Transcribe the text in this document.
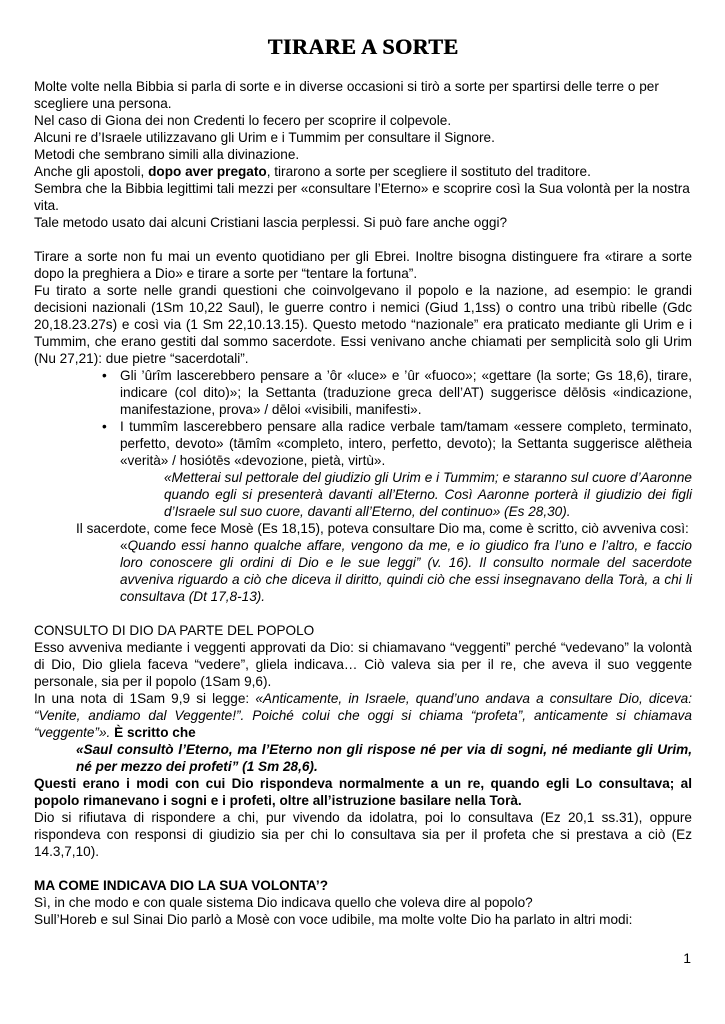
TIRARE A SORTE

Molte volte nella Bibbia si parla di sorte e in diverse occasioni si tirò a sorte per spartirsi delle terre o per scegliere una persona.

Nel caso di Giona dei non Credenti lo fecero per scoprire il colpevole.

Alcuni re d’Israele utilizzavano gli Urim e i Tummim per consultare il Signore.

Metodi che sembrano simili alla divinazione.

Anche gli apostoli, dopo aver pregato, tirarono a sorte per scegliere il sostituto del traditore.

Sembra che la Bibbia legittimi tali mezzi per «consultare l’Eterno» e scoprire così la Sua volontà per la nostra vita.

Tale metodo usato dai alcuni Cristiani lascia perplessi. Si può fare anche oggi?

Tirare a sorte non fu mai un evento quotidiano per gli Ebrei. Inoltre bisogna distinguere fra «tirare a sorte dopo la preghiera a Dio» e tirare a sorte per “tentare la fortuna”.

Fu tirato a sorte nelle grandi questioni che coinvolgevano il popolo e la nazione, ad esempio: le grandi decisioni nazionali (1Sm 10,22 Saul), le guerre contro i nemici (Giud 1,1ss) o contro una tribù ribelle (Gdc 20,18.23.27s) e così via (1 Sm 22,10.13.15). Questo metodo “nazionale” era praticato mediante gli Urim e i Tummim, che erano gestiti dal sommo sacerdote. Essi venivano anche chiamati per semplicità solo gli Urim (Nu 27,21): due pietre “sacerdotali”.

• Gli ’ûrîm lascerebbero pensare a ’ôr «luce» e ’ûr «fuoco»; «gettare (la sorte; Gs 18,6), tirare, indicare (col dito)»; la Settanta (traduzione greca dell’AT) suggerisce dēlōsis «indicazione, manifestazione, prova» / dēloi «visibili, manifesti».
• I tummîm lascerebbero pensare alla radice verbale tam/tamam «essere completo, terminato, perfetto, devoto» (tāmîm «completo, intero, perfetto, devoto); la Settanta suggerisce alētheia «verità» / hosiótēs «devozione, pietà, virtù».

«Metterai sul pettorale del giudizio gli Urim e i Tummim; e staranno sul cuore d’Aaronne quando egli si presenterà davanti all’Eterno. Così Aaronne porterà il giudizio dei figli d’Israele sul suo cuore, davanti all’Eterno, del continuo» (Es 28,30).

Il sacerdote, come fece Mosè (Es 18,15), poteva consultare Dio ma, come è scritto, ciò avveniva così:

«Quando essi hanno qualche affare, vengono da me, e io giudico fra l’uno e l’altro, e faccio loro conoscere gli ordini di Dio e le sue leggi” (v. 16). Il consulto normale del sacerdote avveniva riguardo a ciò che diceva il diritto, quindi ciò che essi insegnavano della Torà, a chi li consultava (Dt 17,8-13).

CONSULTO DI DIO DA PARTE DEL POPOLO

Esso avveniva mediante i veggenti approvati da Dio: si chiamavano “veggenti” perché “vedevano” la volontà di Dio, Dio gliela faceva “vedere”, gliela indicava… Ciò valeva sia per il re, che aveva il suo veggente personale, sia per il popolo (1Sam 9,6).

In una nota di 1Sam 9,9 si legge: «Anticamente, in Israele, quand’uno andava a consultare Dio, diceva: “Venite, andiamo dal Veggente!”. Poiché colui che oggi si chiama “profeta”, anticamente si chiamava “veggente”». È scritto che

«Saul consultò l’Eterno, ma l’Eterno non gli rispose né per via di sogni, né mediante gli Urim, né per mezzo dei profeti” (1 Sm 28,6).

Questi erano i modi con cui Dio rispondeva normalmente a un re, quando egli Lo consultava; al popolo rimanevano i sogni e i profeti, oltre all’istruzione basilare nella Torà.

Dio si rifiutava di rispondere a chi, pur vivendo da idolatra, poi lo consultava (Ez 20,1 ss.31), oppure rispondeva con responsi di giudizio sia per chi lo consultava sia per il profeta che si prestava a ciò (Ez 14.3,7,10).

MA COME INDICAVA DIO LA SUA VOLONTA’?

Sì, in che modo e con quale sistema Dio indicava quello che voleva dire al popolo?

Sull’Horeb e sul Sinai Dio parlò a Mosè con voce udibile, ma molte volte Dio ha parlato in altri modi:

1
